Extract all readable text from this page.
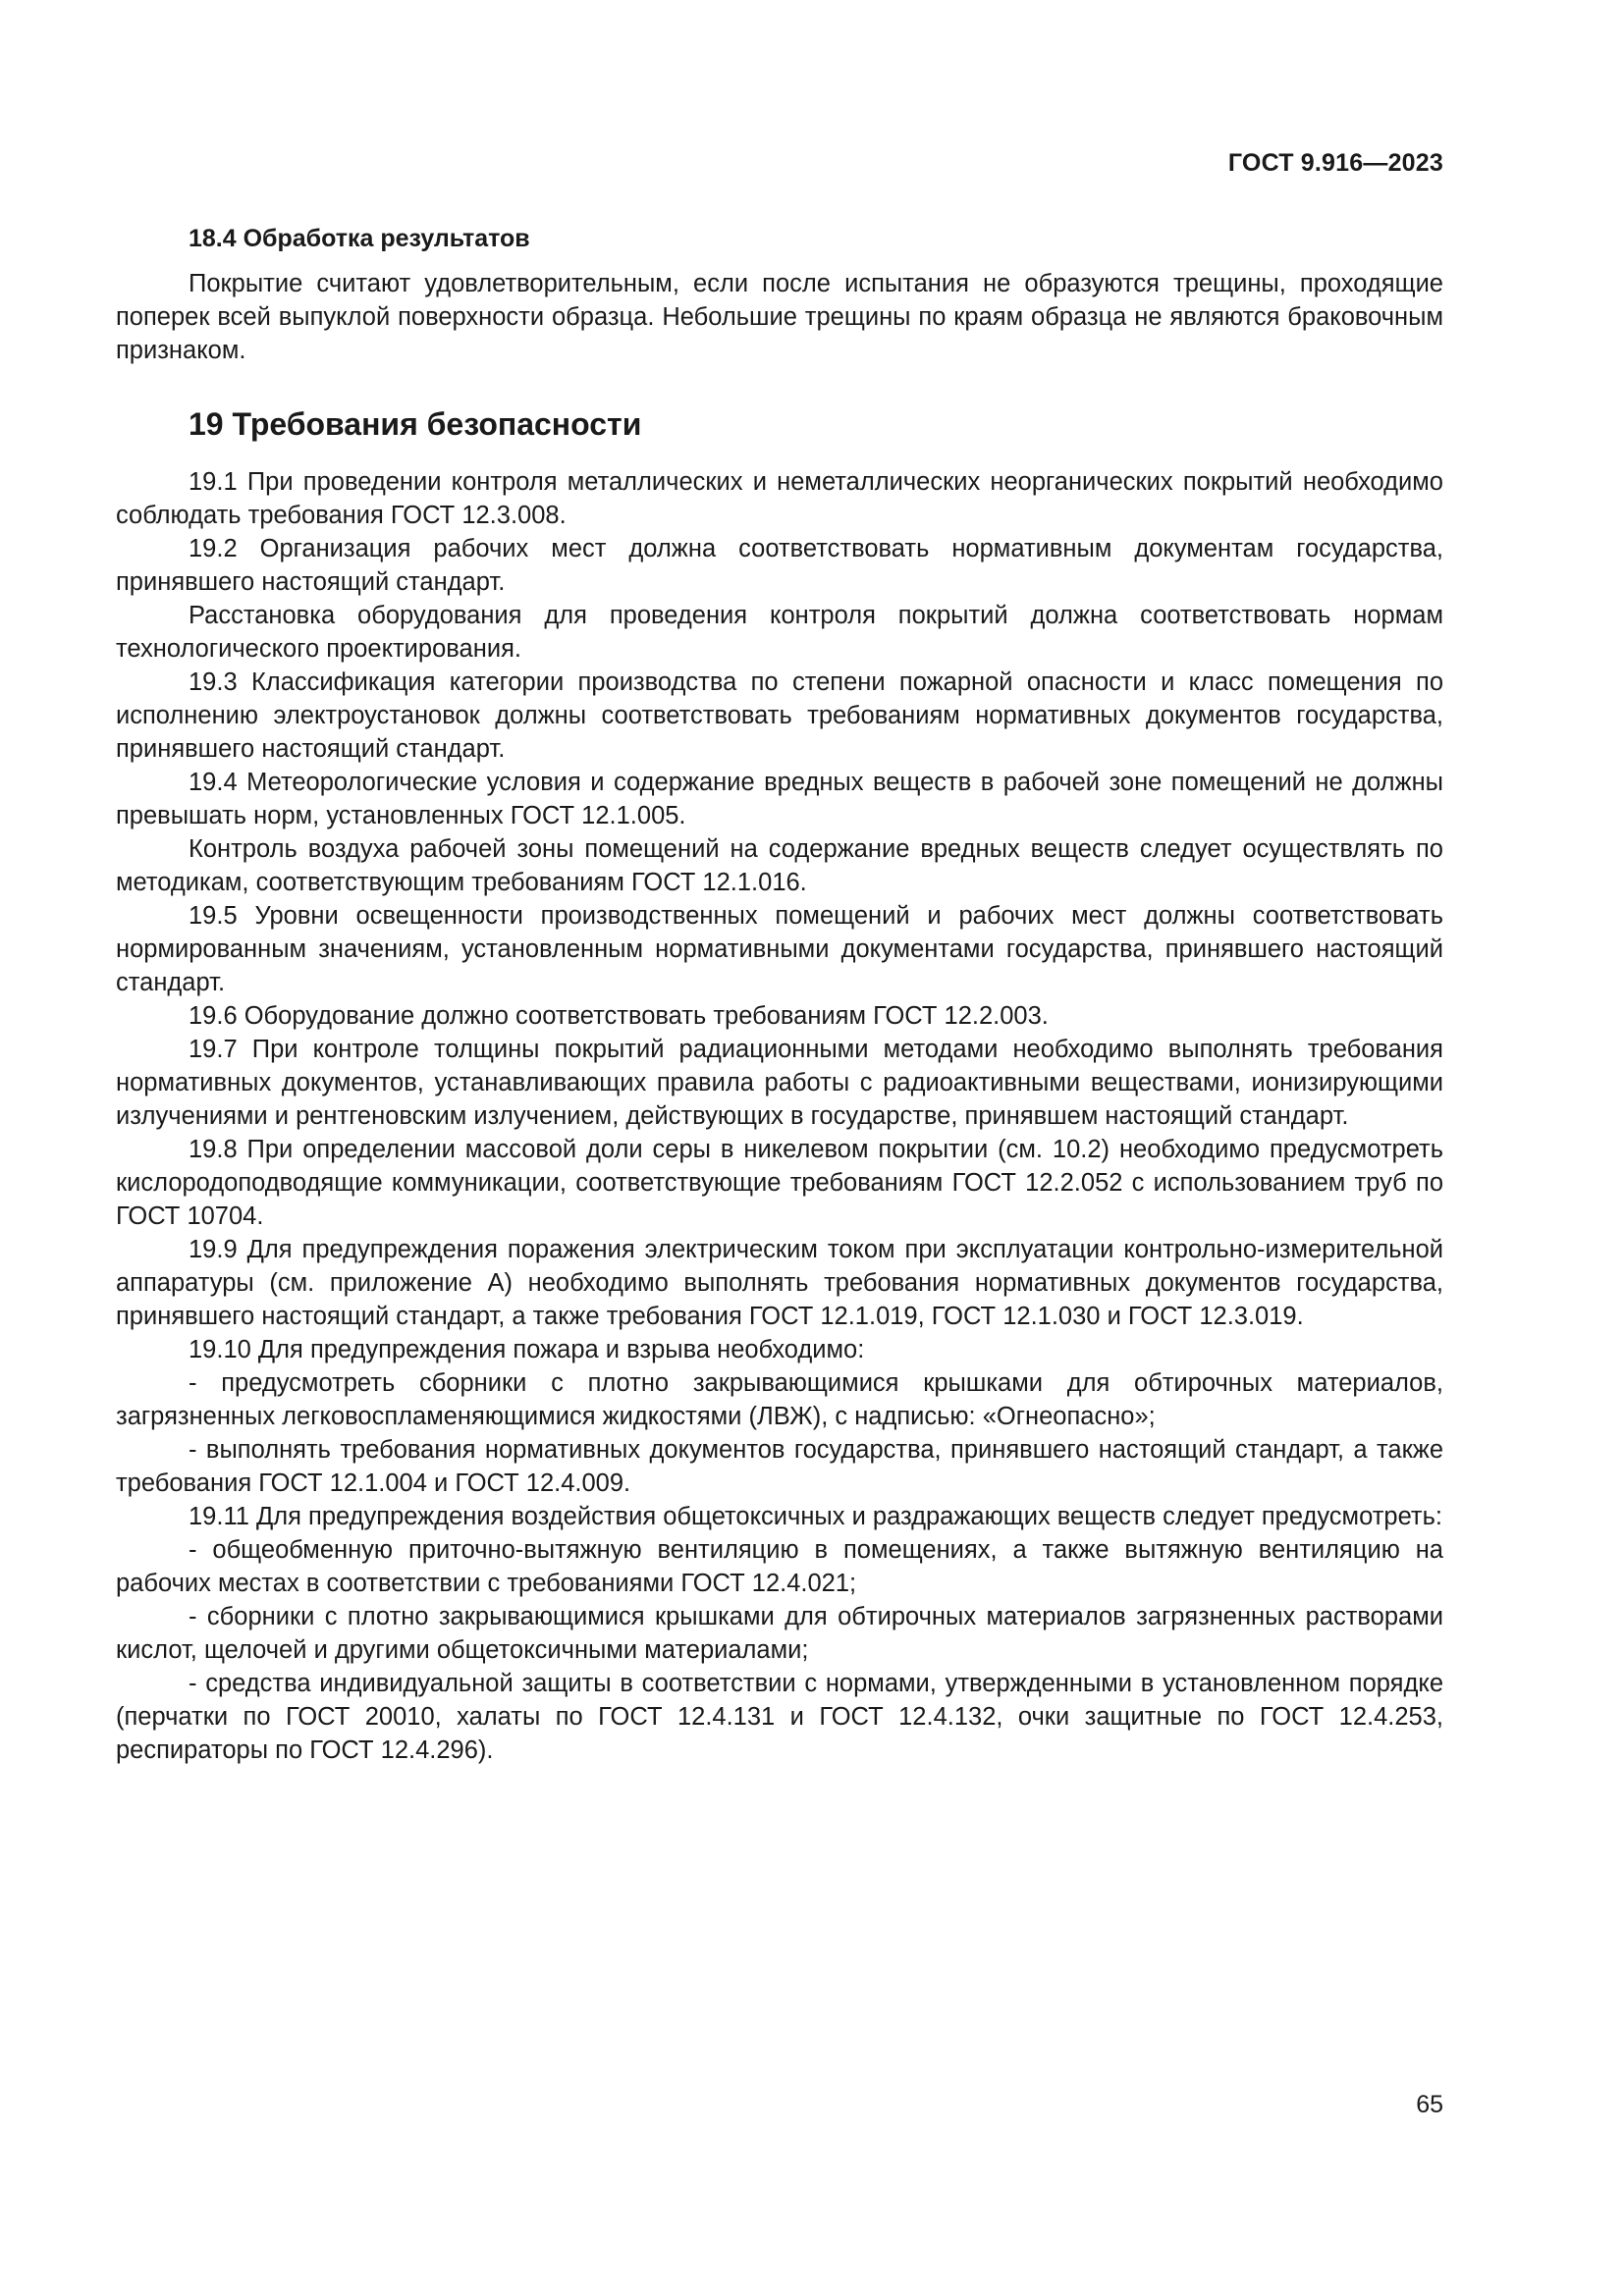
ГОСТ 9.916—2023
18.4 Обработка результатов

Покрытие считают удовлетворительным, если после испытания не образуются трещины, проходящие поперек всей выпуклой поверхности образца. Небольшие трещины по краям образца не являются браковочным признаком.

19 Требования безопасности

19.1 При проведении контроля металлических и неметаллических неорганических покрытий необходимо соблюдать требования ГОСТ 12.3.008.

19.2 Организация рабочих мест должна соответствовать нормативным документам государства, принявшего настоящий стандарт.

Расстановка оборудования для проведения контроля покрытий должна соответствовать нормам технологического проектирования.

19.3 Классификация категории производства по степени пожарной опасности и класс помещения по исполнению электроустановок должны соответствовать требованиям нормативных документов государства, принявшего настоящий стандарт.

19.4 Метеорологические условия и содержание вредных веществ в рабочей зоне помещений не должны превышать норм, установленных ГОСТ 12.1.005.

Контроль воздуха рабочей зоны помещений на содержание вредных веществ следует осуществлять по методикам, соответствующим требованиям ГОСТ 12.1.016.

19.5 Уровни освещенности производственных помещений и рабочих мест должны соответствовать нормированным значениям, установленным нормативными документами государства, принявшего настоящий стандарт.

19.6 Оборудование должно соответствовать требованиям ГОСТ 12.2.003.

19.7 При контроле толщины покрытий радиационными методами необходимо выполнять требования нормативных документов, устанавливающих правила работы с радиоактивными веществами, ионизирующими излучениями и рентгеновским излучением, действующих в государстве, принявшем настоящий стандарт.

19.8 При определении массовой доли серы в никелевом покрытии (см. 10.2) необходимо предусмотреть кислородоподводящие коммуникации, соответствующие требованиям ГОСТ 12.2.052 с использованием труб по ГОСТ 10704.

19.9 Для предупреждения поражения электрическим током при эксплуатации контрольно-измерительной аппаратуры (см. приложение А) необходимо выполнять требования нормативных документов государства, принявшего настоящий стандарт, а также требования ГОСТ 12.1.019, ГОСТ 12.1.030 и ГОСТ 12.3.019.

19.10 Для предупреждения пожара и взрыва необходимо:

- предусмотреть сборники с плотно закрывающимися крышками для обтирочных материалов, загрязненных легковоспламеняющимися жидкостями (ЛВЖ), с надписью: «Огнеопасно»;

- выполнять требования нормативных документов государства, принявшего настоящий стандарт, а также требования ГОСТ 12.1.004 и ГОСТ 12.4.009.

19.11 Для предупреждения воздействия общетоксичных и раздражающих веществ следует предусмотреть:

- общеобменную приточно-вытяжную вентиляцию в помещениях, а также вытяжную вентиляцию на рабочих местах в соответствии с требованиями ГОСТ 12.4.021;

- сборники с плотно закрывающимися крышками для обтирочных материалов загрязненных растворами кислот, щелочей и другими общетоксичными материалами;

- средства индивидуальной защиты в соответствии с нормами, утвержденными в установленном порядке (перчатки по ГОСТ 20010, халаты по ГОСТ 12.4.131 и ГОСТ 12.4.132, очки защитные по ГОСТ 12.4.253, респираторы по ГОСТ 12.4.296).

65
